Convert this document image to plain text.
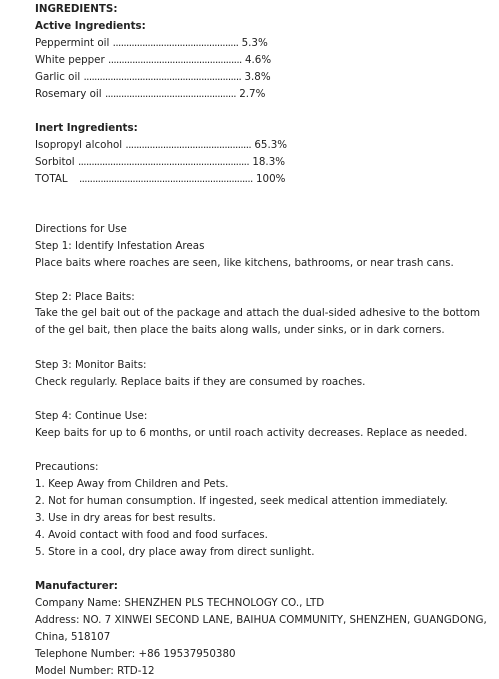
INGREDIENTS:
Active Ingredients:
Peppermint oil ............................................... 5.3%
White pepper .................................................. 4.6%
Garlic oil ........................................................... 3.8%
Rosemary oil ................................................. 2.7%
Inert Ingredients:
Isopropyl alcohol ............................................... 65.3%
Sorbitol ................................................................ 18.3%
TOTAL ................................................................. 100%
Directions for Use
Step 1: Identify Infestation Areas
Place baits where roaches are seen, like kitchens, bathrooms, or near trash cans.
Step 2: Place Baits:
Take the gel bait out of the package and attach the dual-sided adhesive to the bottom of the gel bait, then place the baits along walls, under sinks, or in dark corners.
Step 3: Monitor Baits:
Check regularly. Replace baits if they are consumed by roaches.
Step 4: Continue Use:
Keep baits for up to 6 months, or until roach activity decreases. Replace as needed.
Precautions:
1. Keep Away from Children and Pets.
2. Not for human consumption. If ingested, seek medical attention immediately.
3. Use in dry areas for best results.
4. Avoid contact with food and food surfaces.
5. Store in a cool, dry place away from direct sunlight.
Manufacturer:
Company Name: SHENZHEN PLS TECHNOLOGY CO., LTD
Address: NO. 7 XINWEI SECOND LANE, BAIHUA COMMUNITY, SHENZHEN, GUANGDONG, China, 518107
Telephone Number: +86 19537950380
Model Number: RTD-12
